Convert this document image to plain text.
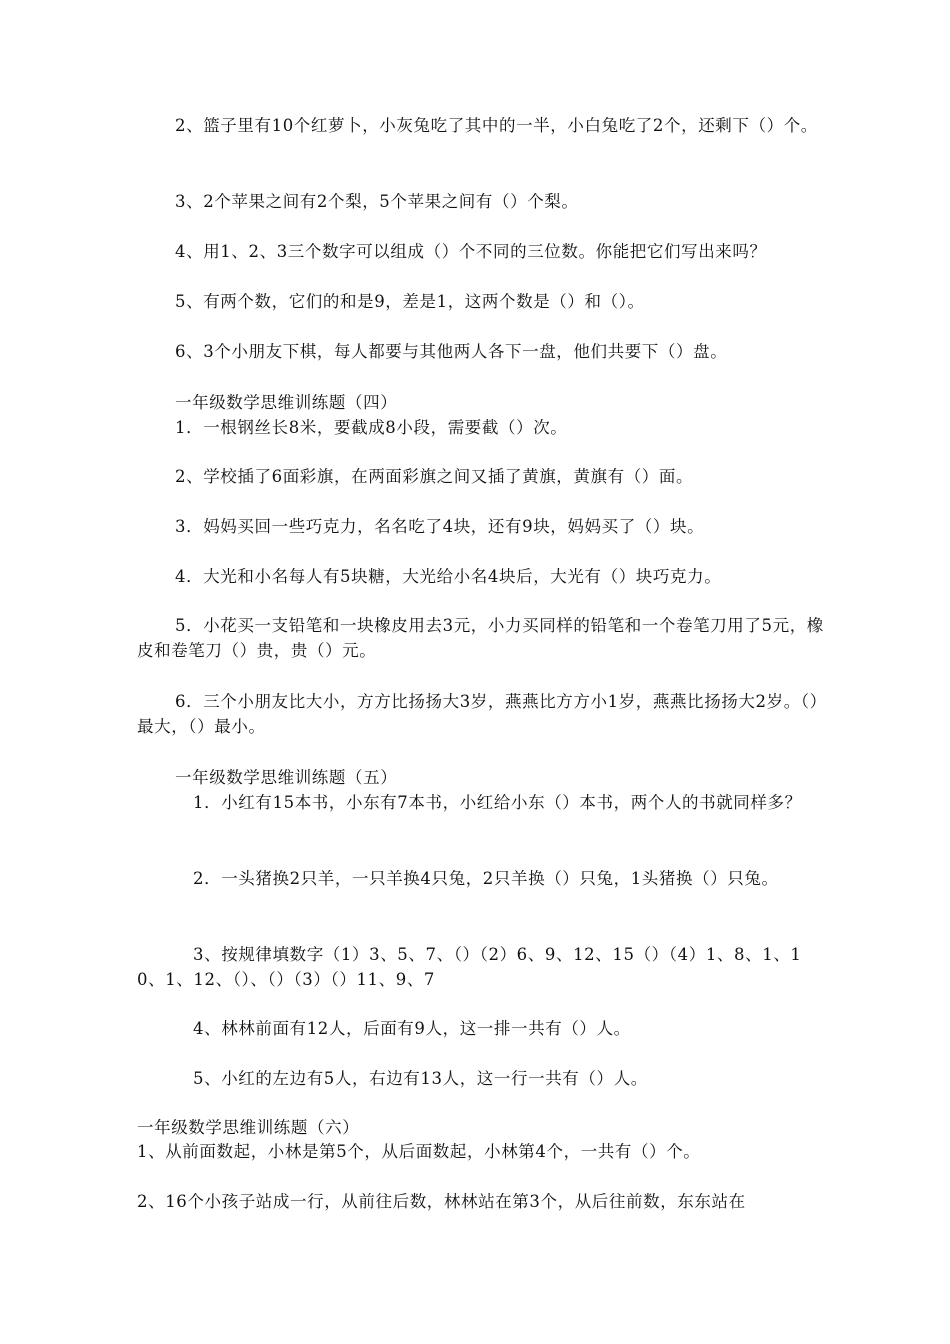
2、篮子里有10个红萝卜，小灰兔吃了其中的一半，小白兔吃了2个，还剩下（）个。
3、2个苹果之间有2个梨，5个苹果之间有（）个梨。
4、用1、2、3三个数字可以组成（）个不同的三位数。你能把它们写出来吗？
5、有两个数，它们的和是9，差是1，这两个数是（）和（）。
6、3个小朋友下棋，每人都要与其他两人各下一盘，他们共要下（）盘。
一年级数学思维训练题（四）
1．一根钢丝长8米，要截成8小段，需要截（）次。
2、学校插了6面彩旗，在两面彩旗之间又插了黄旗，黄旗有（）面。
3．妈妈买回一些巧克力，名名吃了4块，还有9块，妈妈买了（）块。
4．大光和小名每人有5块糖，大光给小名4块后，大光有（）块巧克力。
5．小花买一支铅笔和一块橡皮用去3元，小力买同样的铅笔和一个卷笔刀用了5元，橡皮和卷笔刀（）贵，贵（）元。
6．三个小朋友比大小，方方比扬扬大3岁，燕燕比方方小1岁，燕燕比扬扬大2岁。（）最大，（）最小。
一年级数学思维训练题（五）
1．小红有15本书，小东有7本书，小红给小东（）本书，两个人的书就同样多？
2．一头猪换2只羊，一只羊换4只兔，2只羊换（）只兔，1头猪换（）只兔。
3、按规律填数字（1）3、5、7、（）（2）6、9、12、15（）（4）1、8、1、10、1、12、（）、（）（3）（）11、9、7
4、林林前面有12人，后面有9人，这一排一共有（）人。
5、小红的左边有5人，右边有13人，这一行一共有（）人。
一年级数学思维训练题（六）
1、从前面数起，小林是第5个，从后面数起，小林第4个，一共有（）个。
2、16个小孩子站成一行，从前往后数，林林站在第3个，从后往前数，东东站在
